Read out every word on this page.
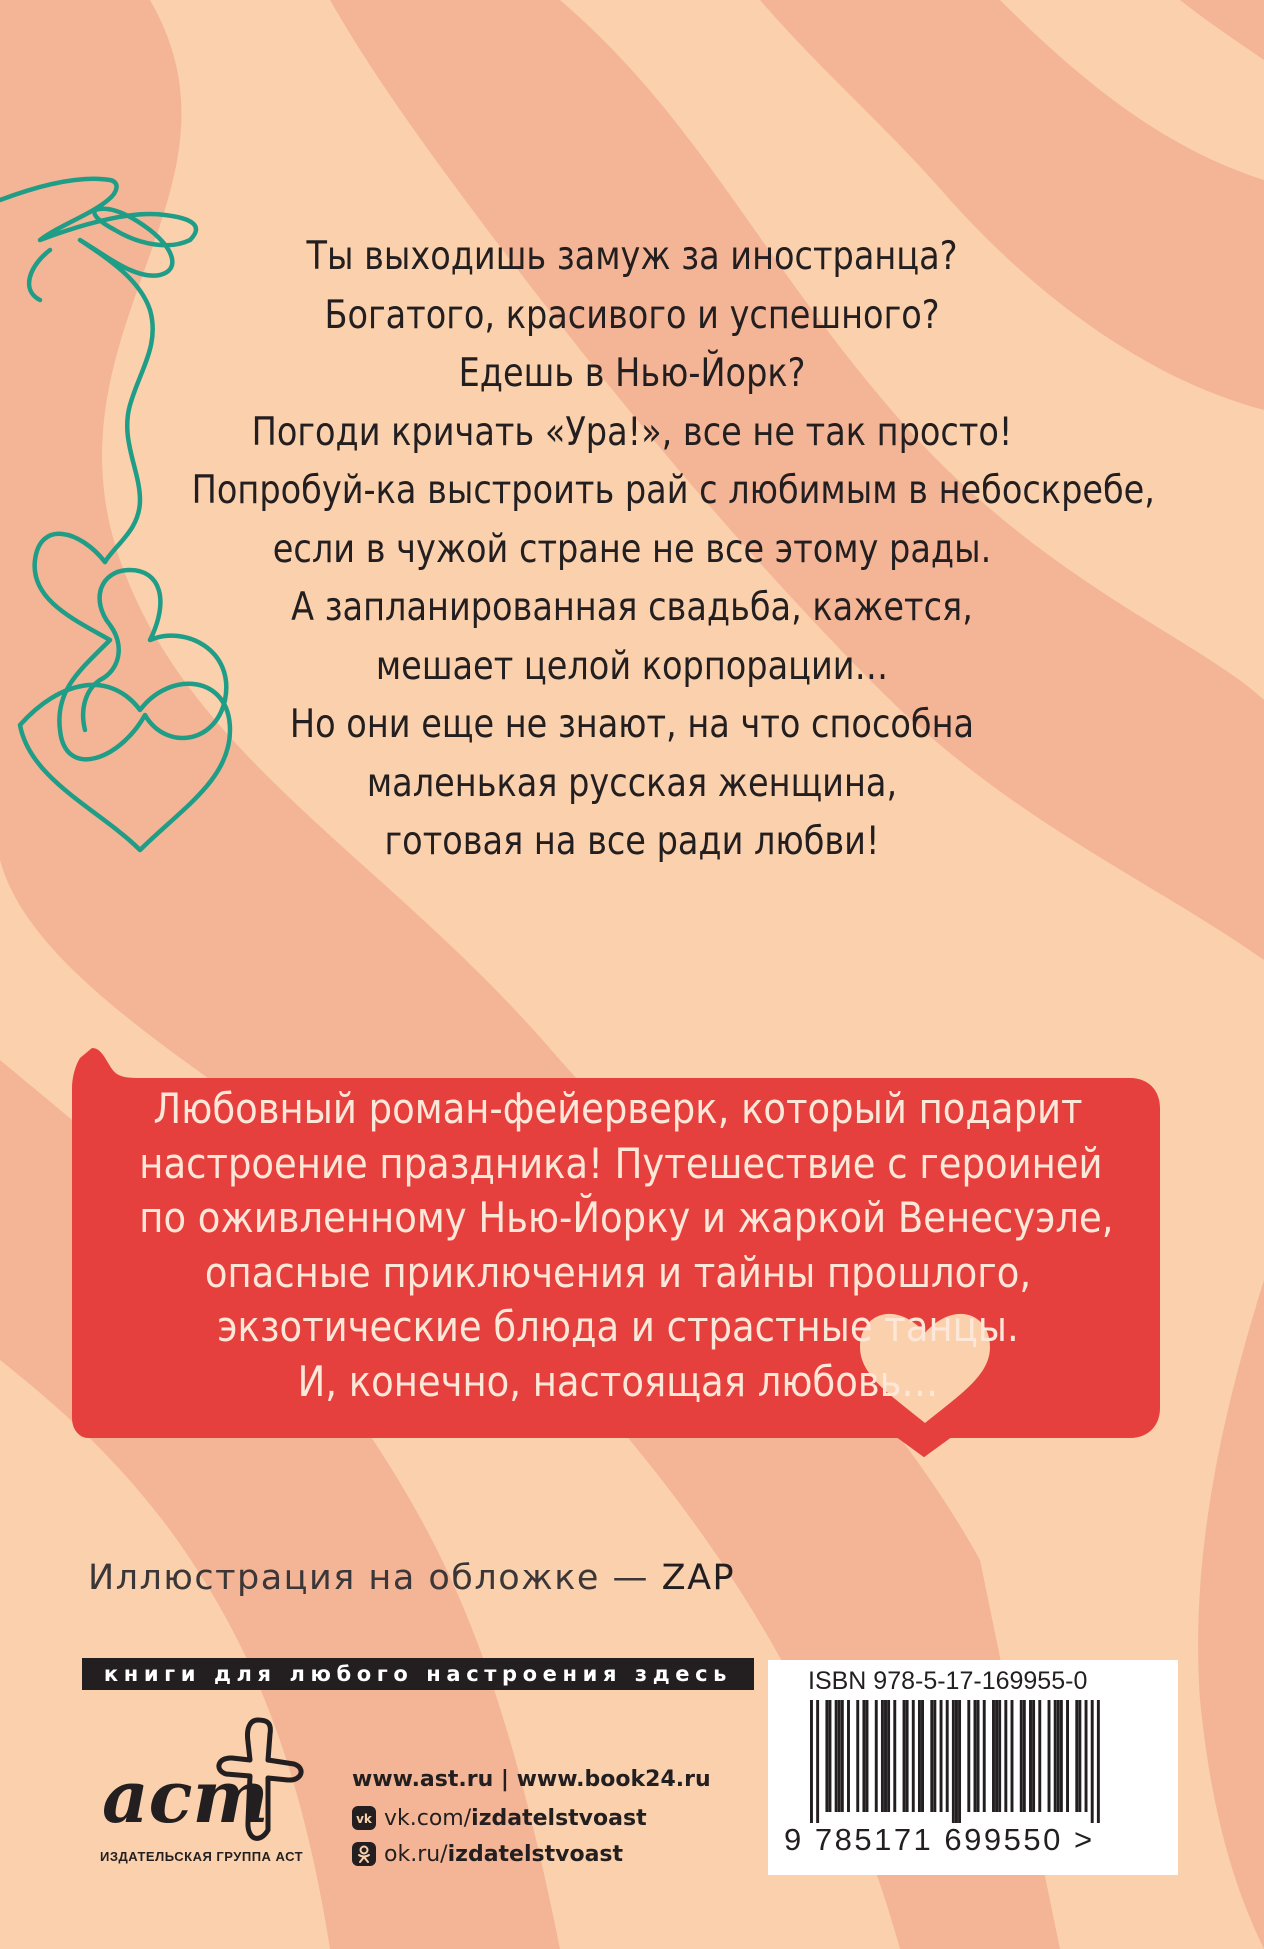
Ты выходишь замуж за иностранца?
Богатого, красивого и успешного?
Едешь в Нью-Йорк?
Погоди кричать «Ура!», все не так просто!
Попробуй-ка выстроить рай с любимым в небоскребе,
если в чужой стране не все этому рады.
А запланированная свадьба, кажется,
мешает целой корпорации…
Но они еще не знают, на что способна
маленькая русская женщина,
готовая на все ради любви!
Любовный роман-фейерверк, который подарит
настроение праздника! Путешествие с героиней
по оживленному Нью-Йорку и жаркой Венесуэле,
опасные приключения и тайны прошлого,
экзотические блюда и страстные танцы.
И, конечно, настоящая любовь…
Иллюстрация на обложке — ZAP
книги для любого настроения здесь
аст
ИЗДАТЕЛЬСКАЯ ГРУППА АСТ
www.ast.ru | www.book24.ru
vk vk.com/ izdatelstvoast
ok.ru/ izdatelstvoast
ISBN 978-5-17-169955-0
9 785171 699550 >
